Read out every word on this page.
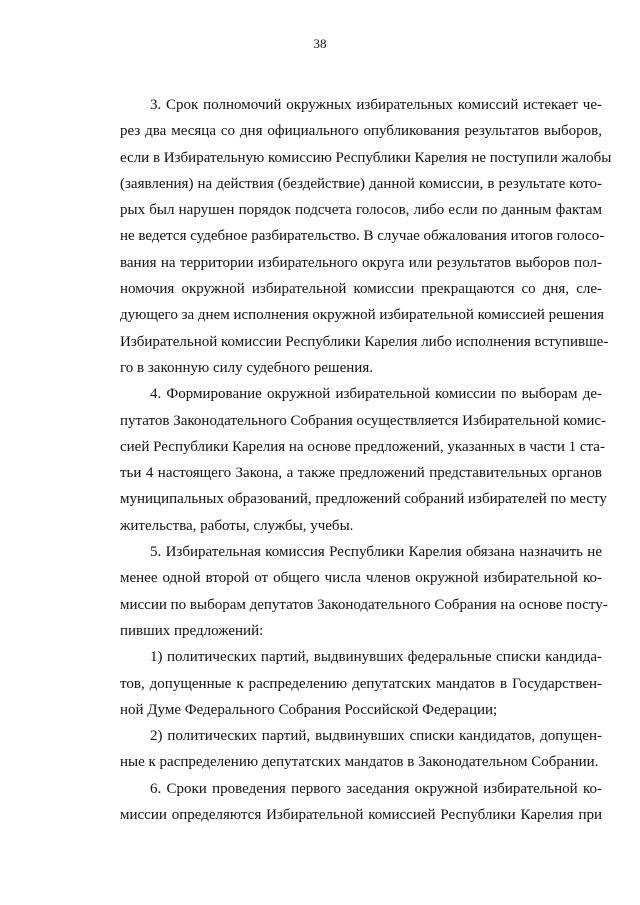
38

3. Срок полномочий окружных избирательных комиссий истекает че-
рез два месяца со дня официального опубликования результатов выборов,
если в Избирательную комиссию Республики Карелия не поступили жалобы
(заявления) на действия (бездействие) данной комиссии, в результате кото-
рых был нарушен порядок подсчета голосов, либо если по данным фактам
не ведется судебное разбирательство. В случае обжалования итогов голосо-
вания на территории избирательного округа или результатов выборов пол-
номочия окружной избирательной комиссии прекращаются со дня, сле-
дующего за днем исполнения окружной избирательной комиссией решения
Избирательной комиссии Республики Карелия либо исполнения вступивше-
го в законную силу судебного решения.

4. Формирование окружной избирательной комиссии по выборам де-
путатов Законодательного Собрания осуществляется Избирательной комис-
сией Республики Карелия на основе предложений, указанных в части 1 ста-
тьи 4 настоящего Закона, а также предложений представительных органов
муниципальных образований, предложений собраний избирателей по месту
жительства, работы, службы, учебы.

5. Избирательная комиссия Республики Карелия обязана назначить не
менее одной второй от общего числа членов окружной избирательной ко-
миссии по выборам депутатов Законодательного Собрания на основе посту-
пивших предложений:

1) политических партий, выдвинувших федеральные списки кандида-
тов, допущенные к распределению депутатских мандатов в Государствен-
ной Думе Федерального Собрания Российской Федерации;

2) политических партий, выдвинувших списки кандидатов, допущен-
ные к распределению депутатских мандатов в Законодательном Собрании.

6. Сроки проведения первого заседания окружной избирательной ко-
миссии определяются Избирательной комиссией Республики Карелия при
